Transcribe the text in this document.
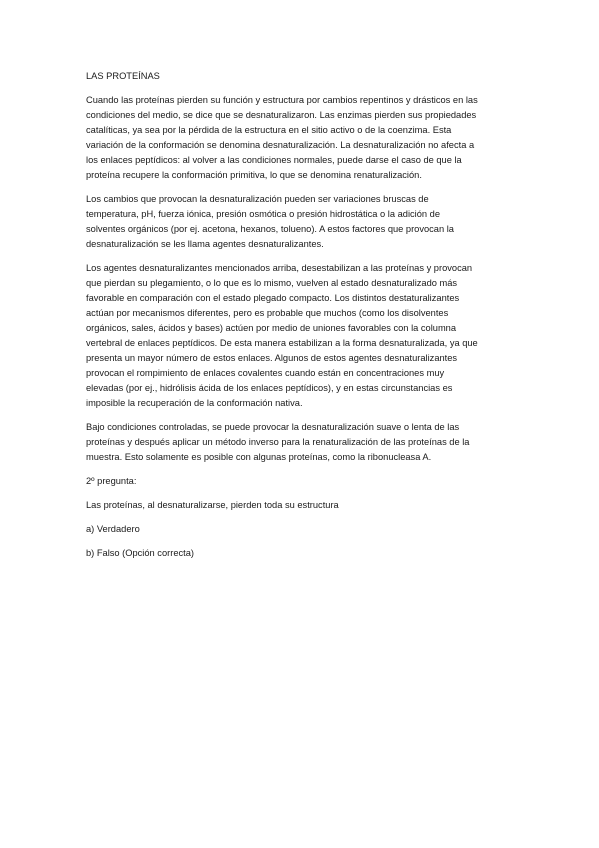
LAS PROTEÍNAS

Cuando las proteínas pierden su función y estructura por cambios repentinos y drásticos en las
condiciones del medio, se dice que se desnaturalizaron. Las enzimas pierden sus propiedades
catalíticas, ya sea por la pérdida de la estructura en el sitio activo o de la coenzima. Esta
variación de la conformación se denomina desnaturalización. La desnaturalización no afecta a
los enlaces peptídicos: al volver a las condiciones normales, puede darse el caso de que la
proteína recupere la conformación primitiva, lo que se denomina renaturalización.
Los cambios que provocan la desnaturalización pueden ser variaciones bruscas de
temperatura, pH, fuerza iónica, presión osmótica o presión hidrostática o la adición de
solventes orgánicos (por ej. acetona, hexanos, tolueno). A estos factores que provocan la
desnaturalización se les llama agentes desnaturalizantes.
Los agentes desnaturalizantes mencionados arriba, desestabilizan a las proteínas y provocan
que pierdan su plegamiento, o lo que es lo mismo, vuelven al estado desnaturalizado más
favorable en comparación con el estado plegado compacto. Los distintos destaturalizantes
actúan por mecanismos diferentes, pero es probable que muchos (como los disolventes
orgánicos, sales, ácidos y bases) actúen por medio de uniones favorables con la columna
vertebral de enlaces peptídicos. De esta manera estabilizan a la forma desnaturalizada, ya que
presenta un mayor número de estos enlaces. Algunos de estos agentes desnaturalizantes
provocan el rompimiento de enlaces covalentes cuando están en concentraciones muy
elevadas (por ej., hidrólisis ácida de los enlaces peptídicos), y en estas circunstancias es
imposible la recuperación de la conformación nativa.
Bajo condiciones controladas, se puede provocar la desnaturalización suave o lenta de las
proteínas y después aplicar un método inverso para la renaturalización de las proteínas de la
muestra. Esto solamente es posible con algunas proteínas, como la ribonucleasa A.

2º pregunta:

Las proteínas, al desnaturalizarse, pierden toda su estructura

a) Verdadero

b) Falso (Opción correcta)
